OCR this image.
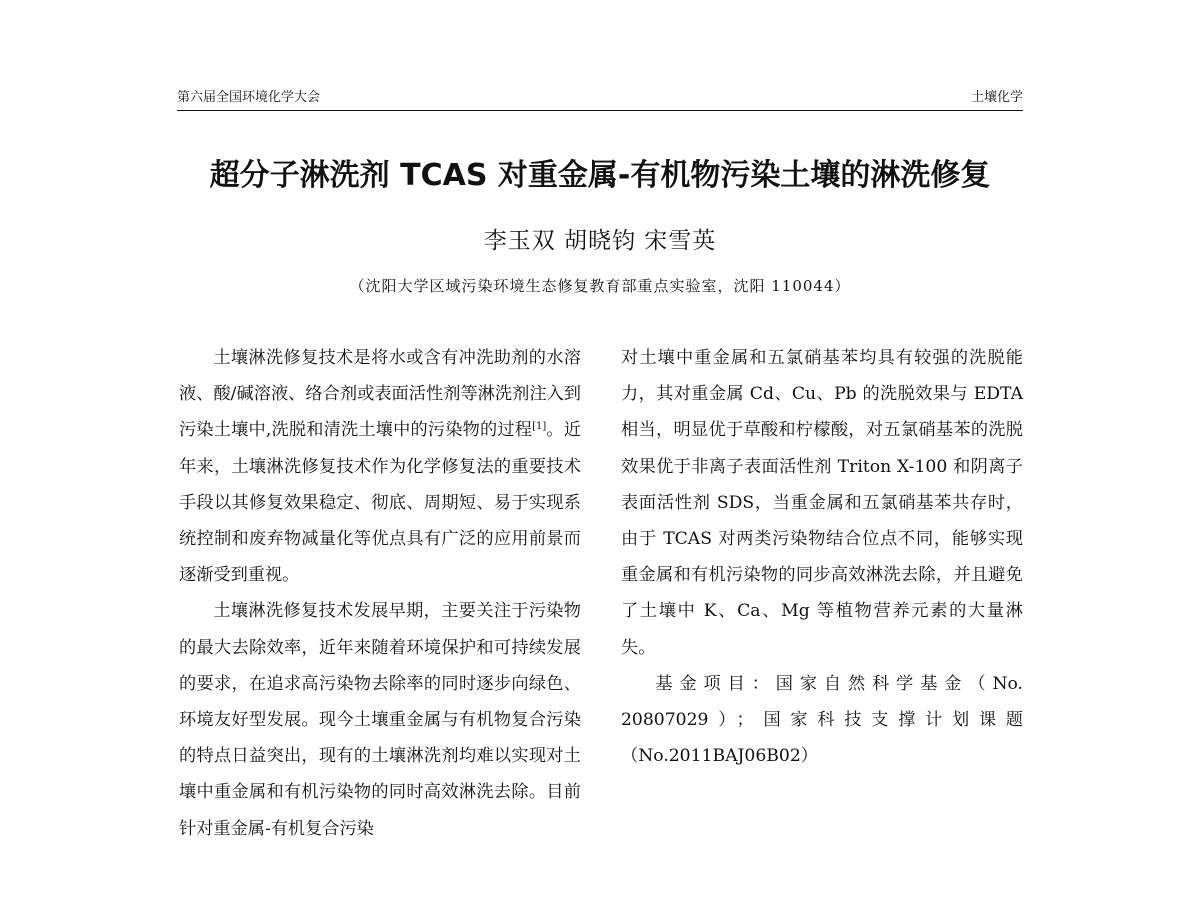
第六届全国环境化学大会	土壤化学
超分子淋洗剂 TCAS 对重金属-有机物污染土壤的淋洗修复
李玉双 胡晓钧 宋雪英
（沈阳大学区域污染环境生态修复教育部重点实验室，沈阳 110044）

土壤淋洗修复技术是将水或含有冲洗助剂的水溶液、酸/碱溶液、络合剂或表面活性剂等淋洗剂注入到污染土壤中,洗脱和清洗土壤中的污染物的过程[1]。近年来，土壤淋洗修复技术作为化学修复法的重要技术手段以其修复效果稳定、彻底、周期短、易于实现系统控制和废弃物减量化等优点具有广泛的应用前景而逐渐受到重视。

土壤淋洗修复技术发展早期，主要关注于污染物的最大去除效率，近年来随着环境保护和可持续发展的要求，在追求高污染物去除率的同时逐步向绿色、环境友好型发展。现今土壤重金属与有机物复合污染的特点日益突出，现有的土壤淋洗剂均难以实现对土壤中重金属和有机污染物的同时高效淋洗去除。目前针对重金属-有机复合污染

对土壤中重金属和五氯硝基苯均具有较强的洗脱能力，其对重金属 Cd、Cu、Pb 的洗脱效果与 EDTA 相当，明显优于草酸和柠檬酸，对五氯硝基苯的洗脱效果优于非离子表面活性剂 Triton X-100 和阴离子表面活性剂 SDS，当重金属和五氯硝基苯共存时，由于 TCAS 对两类污染物结合位点不同，能够实现重金属和有机污染物的同步高效淋洗去除，并且避免了土壤中 K、Ca、Mg 等植物营养元素的大量淋失。

基金项目：国家自然科学基金（No. 20807029）；国家科技支撑计划课题（No.2011BAJ06B02）
